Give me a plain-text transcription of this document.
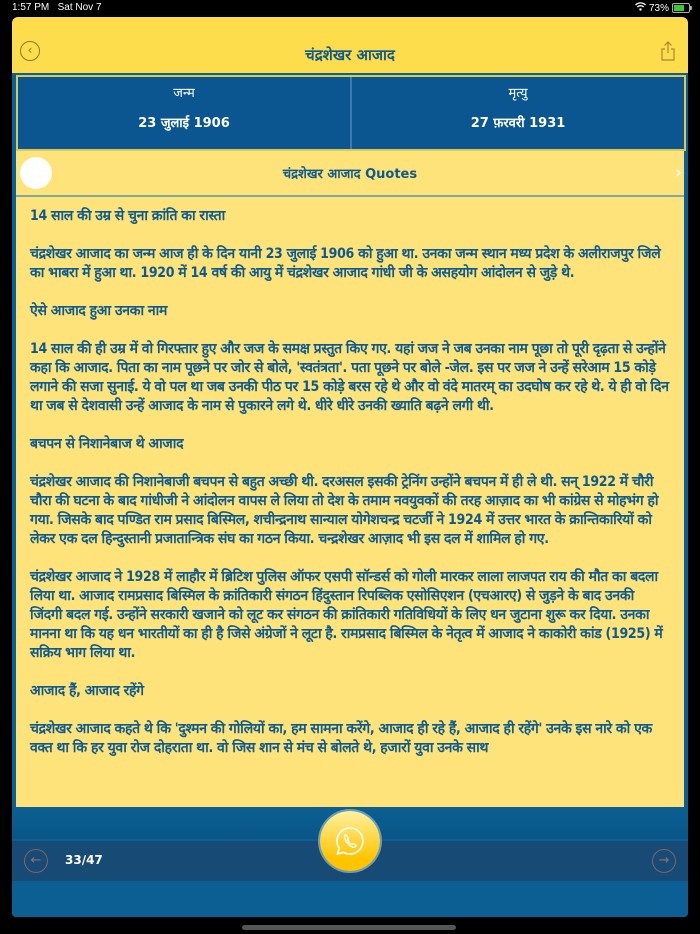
1:57 PM Sat Nov 7	73%
‹	चंद्रशेखर आजाद
जन्म
23 जुलाई 1906
मृत्यु
27 फ़रवरी 1931
चंद्रशेखर आजाद Quotes	›
14 साल की उम्र से चुना क्रांति का रास्ता

चंद्रशेखर आजाद का जन्म आज ही के दिन यानी 23 जुलाई 1906 को हुआ था. उनका जन्म स्थान मध्य प्रदेश के अलीराजपुर जिले का भाबरा में हुआ था. 1920 में 14 वर्ष की आयु में चंद्रशेखर आजाद गांधी जी के असहयोग आंदोलन से जुड़े थे.

ऐसे आजाद हुआ उनका नाम

14 साल की ही उम्र में वो गिरफ्तार हुए और जज के समक्ष प्रस्तुत किए गए. यहां जज ने जब उनका नाम पूछा तो पूरी दृढ़ता से उन्होंने कहा कि आजाद. पिता का नाम पूछने पर जोर से बोले, 'स्वतंत्रता'. पता पूछने पर बोले -जेल. इस पर जज ने उन्हें सरेआम 15 कोड़े लगाने की सजा सुनाई. ये वो पल था जब उनकी पीठ पर 15 कोड़े बरस रहे थे और वो वंदे मातरम् का उदघोष कर रहे थे. ये ही वो दिन था जब से देशवासी उन्हें आजाद के नाम से पुकारने लगे थे. धीरे धीरे उनकी ख्याति बढ़ने लगी थी.

बचपन से निशानेबाज थे आजाद

चंद्रशेखर आजाद की निशानेबाजी बचपन से बहुत अच्छी थी. दरअसल इसकी ट्रेनिंग उन्होंने बचपन में ही ले थी. सन् 1922 में चौरी चौरा की घटना के बाद गांधीजी ने आंदोलन वापस ले लिया तो देश के तमाम नवयुवकों की तरह आज़ाद का भी कांग्रेस से मोहभंग हो गया. जिसके बाद पण्डित राम प्रसाद बिस्मिल, शचीन्द्रनाथ सान्याल योगेशचन्द्र चटर्जी ने 1924 में उत्तर भारत के क्रान्तिकारियों को लेकर एक दल हिन्दुस्तानी प्रजातान्त्रिक संघ का गठन किया. चन्द्रशेखर आज़ाद भी इस दल में शामिल हो गए.

चंद्रशेखर आजाद ने 1928 में लाहौर में ब्रिटिश पुलिस ऑफर एसपी सॉन्डर्स को गोली मारकर लाला लाजपत राय की मौत का बदला लिया था. आजाद रामप्रसाद बिस्मिल के क्रांतिकारी संगठन हिंदुस्तान रिपब्लिक एसोसिएशन (एचआरए) से जुड़ने के बाद उनकी जिंदगी बदल गई. उन्होंने सरकारी खजाने को लूट कर संगठन की क्रांतिकारी गतिविधियों के लिए धन जुटाना शुरू कर दिया. उनका मानना था कि यह धन भारतीयों का ही है जिसे अंग्रेजों ने लूटा है. रामप्रसाद बिस्मिल के नेतृत्व में आजाद ने काकोरी कांड (1925) में सक्रिय भाग लिया था.

आजाद हैं, आजाद रहेंगे

चंद्रशेखर आजाद कहते थे कि 'दुश्मन की गोलियों का, हम सामना करेंगे, आजाद ही रहे हैं, आजाद ही रहेंगे' उनके इस नारे को एक वक्त था कि हर युवा रोज दोहराता था. वो जिस शान से मंच से बोलते थे, हजारों युवा उनके साथ

←	33/47	→
